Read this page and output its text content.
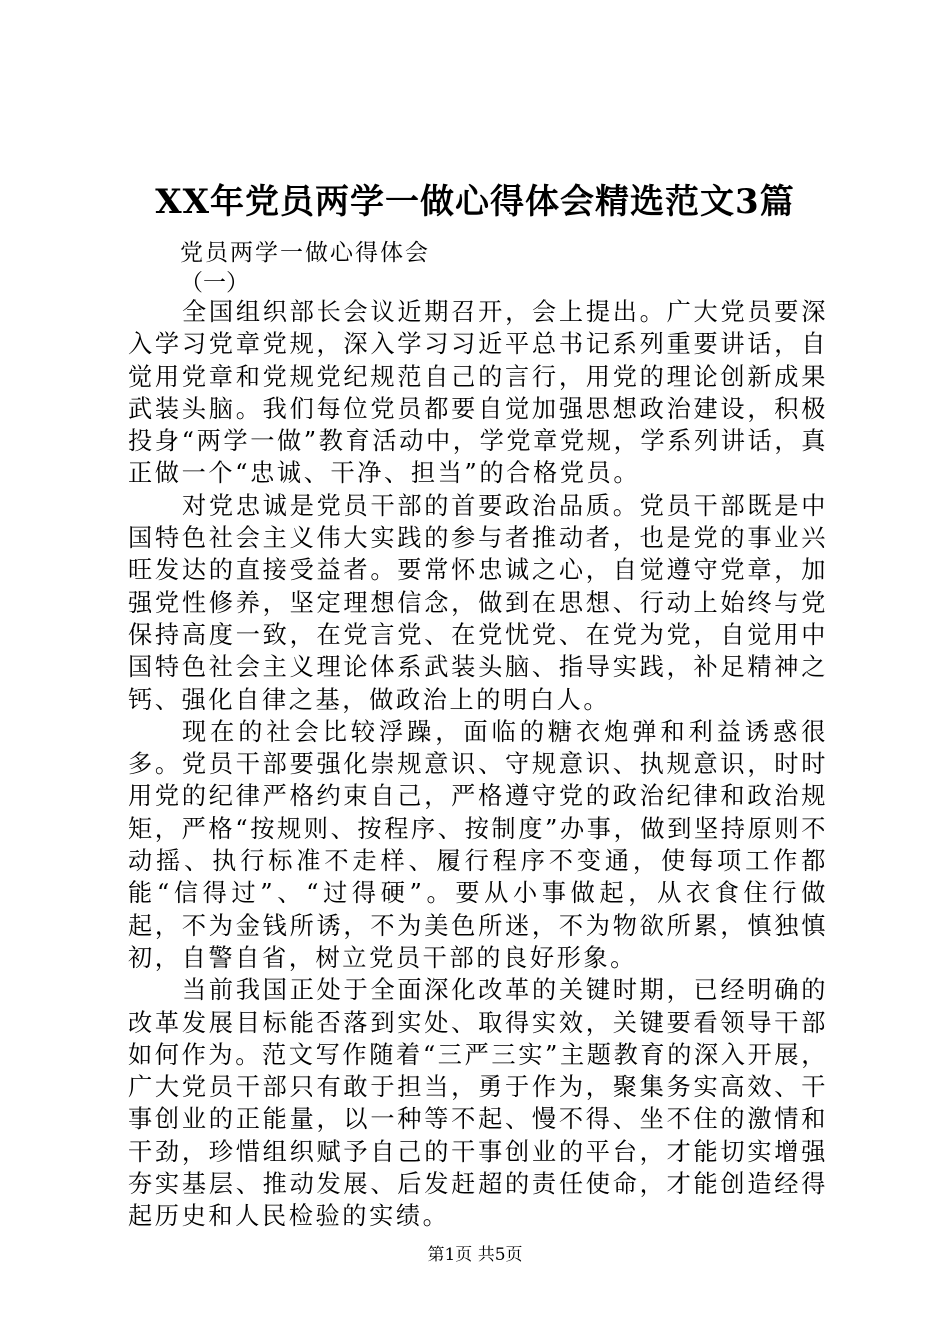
XX年党员两学一做心得体会精选范文3篇
党员两学一做心得体会
（一）

全国组织部长会议近期召开，会上提出。广大党员要深入学习党章党规，深入学习习近平总书记系列重要讲话，自觉用党章和党规党纪规范自己的言行，用党的理论创新成果武装头脑。我们每位党员都要自觉加强思想政治建设，积极投身“两学一做”教育活动中，学党章党规，学系列讲话，真正做一个“忠诚、干净、担当”的合格党员。

对党忠诚是党员干部的首要政治品质。党员干部既是中国特色社会主义伟大实践的参与者推动者，也是党的事业兴旺发达的直接受益者。要常怀忠诚之心，自觉遵守党章，加强党性修养，坚定理想信念，做到在思想、行动上始终与党保持高度一致，在党言党、在党忧党、在党为党，自觉用中国特色社会主义理论体系武装头脑、指导实践，补足精神之钙、强化自律之基，做政治上的明白人。

现在的社会比较浮躁，面临的糖衣炮弹和利益诱惑很多。党员干部要强化崇规意识、守规意识、执规意识，时时用党的纪律严格约束自己，严格遵守党的政治纪律和政治规矩，严格“按规则、按程序、按制度”办事，做到坚持原则不动摇、执行标准不走样、履行程序不变通，使每项工作都能“信得过”、“过得硬”。要从小事做起，从衣食住行做起，不为金钱所诱，不为美色所迷，不为物欲所累，慎独慎初，自警自省，树立党员干部的良好形象。

当前我国正处于全面深化改革的关键时期，已经明确的改革发展目标能否落到实处、取得实效，关键要看领导干部如何作为。范文写作随着“三严三实”主题教育的深入开展，广大党员干部只有敢于担当，勇于作为，聚集务实高效、干事创业的正能量，以一种等不起、慢不得、坐不住的激情和干劲，珍惜组织赋予自己的干事创业的平台，才能切实增强夯实基层、推动发展、后发赶超的责任使命，才能创造经得起历史和人民检验的实绩。

第1页 共5页
